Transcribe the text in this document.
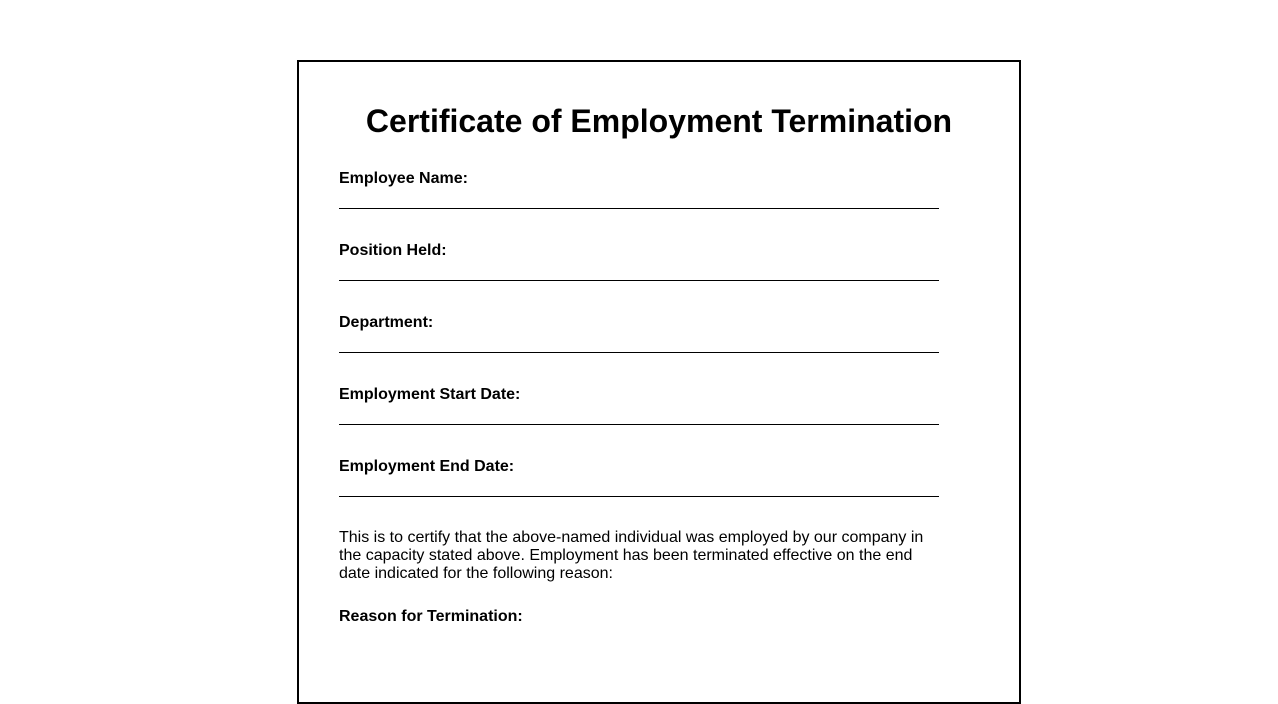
Certificate of Employment Termination
Employee Name:
Position Held:
Department:
Employment Start Date:
Employment End Date:

This is to certify that the above-named individual was employed by our company in the capacity stated above. Employment has been terminated effective on the end date indicated for the following reason:

Reason for Termination:
